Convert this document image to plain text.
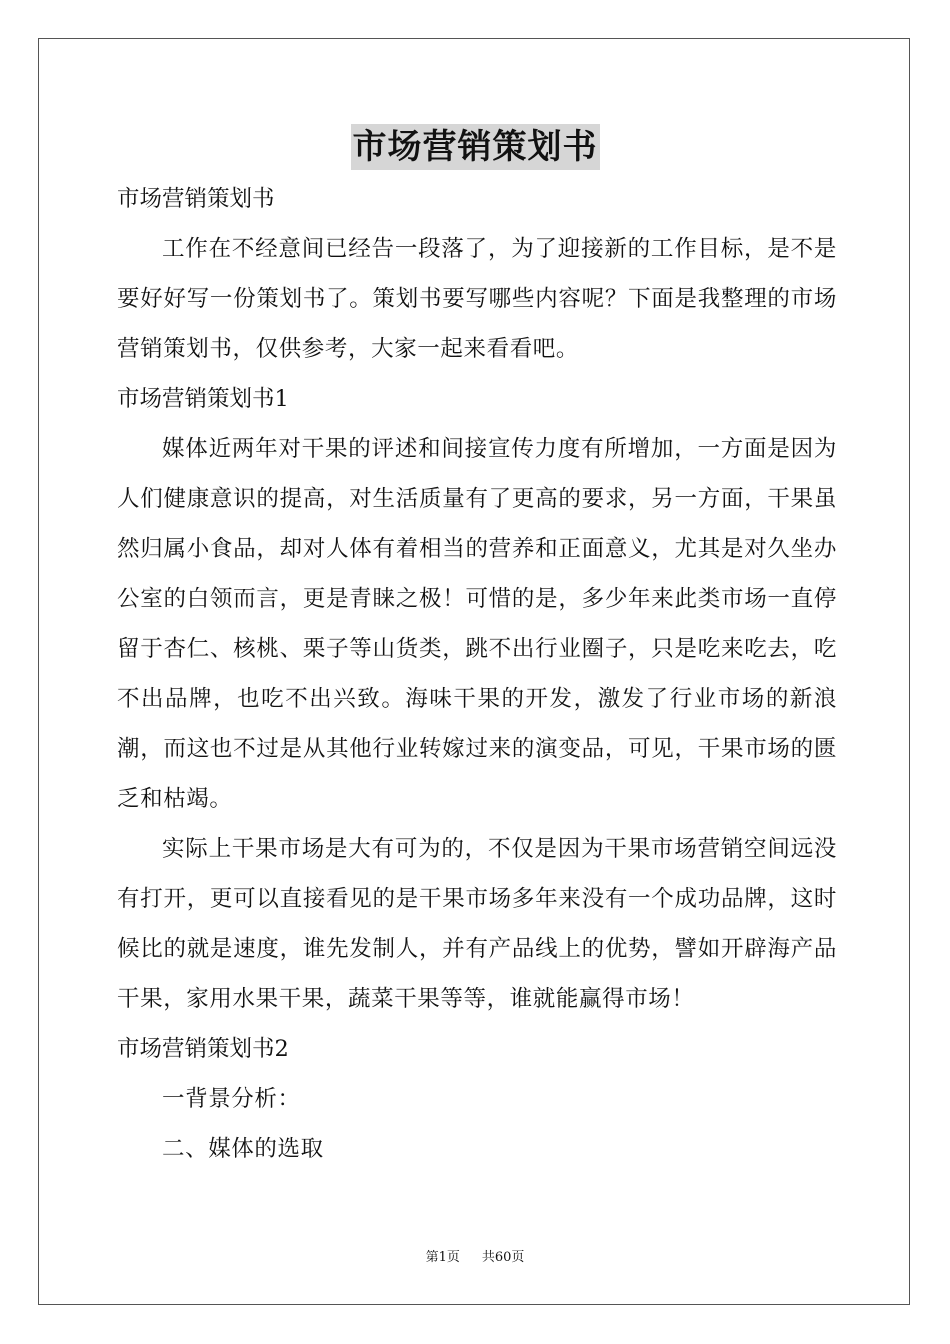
市场营销策划书

市场营销策划书

工作在不经意间已经告一段落了，为了迎接新的工作目标，是不是要好好写一份策划书了。策划书要写哪些内容呢？下面是我整理的市场营销策划书，仅供参考，大家一起来看看吧。

市场营销策划书1

媒体近两年对干果的评述和间接宣传力度有所增加，一方面是因为人们健康意识的提高，对生活质量有了更高的要求，另一方面，干果虽然归属小食品，却对人体有着相当的营养和正面意义，尤其是对久坐办公室的白领而言，更是青睐之极！可惜的是，多少年来此类市场一直停留于杏仁、核桃、栗子等山货类，跳不出行业圈子，只是吃来吃去，吃不出品牌，也吃不出兴致。海味干果的开发，激发了行业市场的新浪潮，而这也不过是从其他行业转嫁过来的演变品，可见，干果市场的匮乏和枯竭。

实际上干果市场是大有可为的，不仅是因为干果市场营销空间远没有打开，更可以直接看见的是干果市场多年来没有一个成功品牌，这时候比的就是速度，谁先发制人，并有产品线上的优势，譬如开辟海产品干果，家用水果干果，蔬菜干果等等，谁就能赢得市场！

市场营销策划书2

一背景分析：

二、媒体的选取

第1页 共60页
